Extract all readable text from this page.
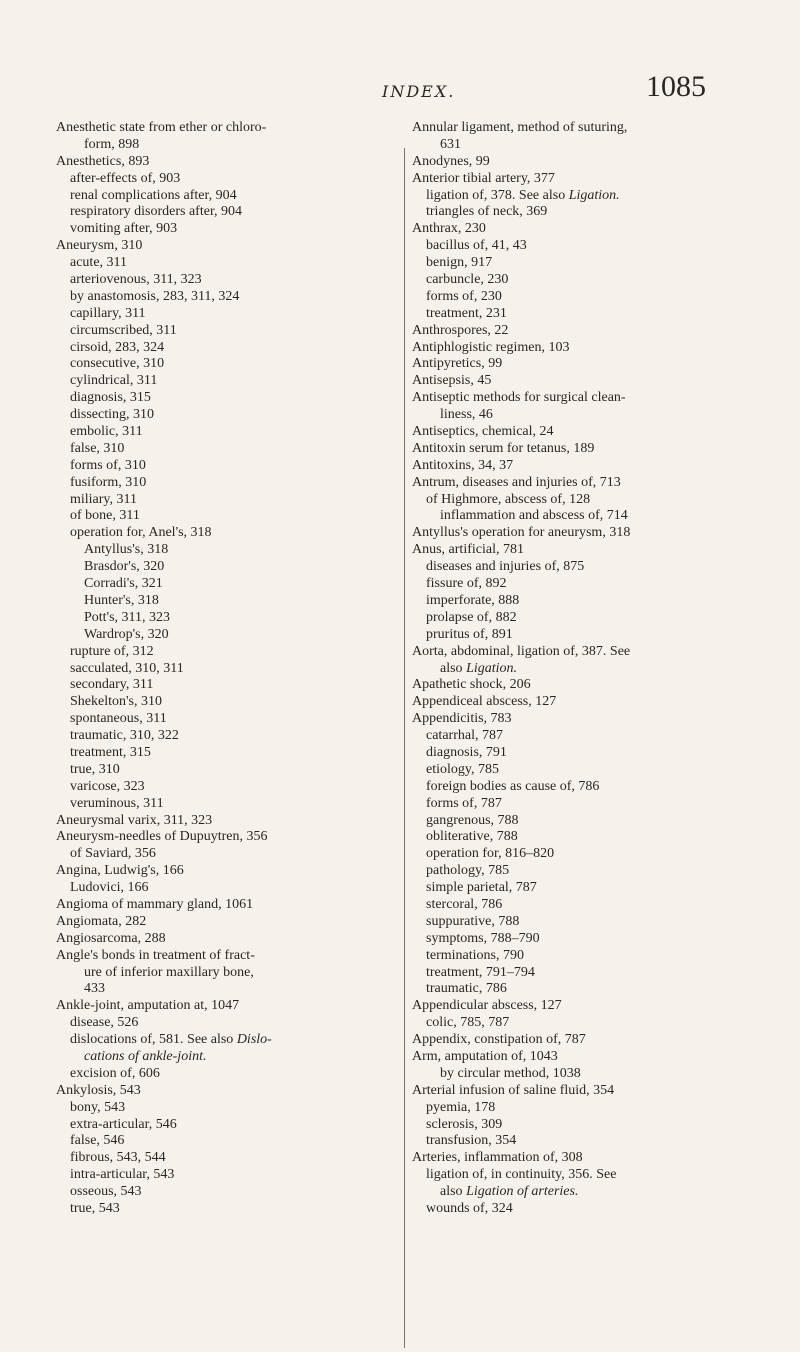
INDEX.	1085
Anesthetic state from ether or chloro-
form, 898
Anesthetics, 893
after-effects of, 903
renal complications after, 904
respiratory disorders after, 904
vomiting after, 903
Aneurysm, 310
acute, 311
arteriovenous, 311, 323
by anastomosis, 283, 311, 324
capillary, 311
circumscribed, 311
cirsoid, 283, 324
consecutive, 310
cylindrical, 311
diagnosis, 315
dissecting, 310
embolic, 311
false, 310
forms of, 310
fusiform, 310
miliary, 311
of bone, 311
operation for, Anel's, 318
Antyllus's, 318
Brasdor's, 320
Corradi's, 321
Hunter's, 318
Pott's, 311, 323
Wardrop's, 320
rupture of, 312
sacculated, 310, 311
secondary, 311
Shekelton's, 310
spontaneous, 311
traumatic, 310, 322
treatment, 315
true, 310
varicose, 323
veruminous, 311
Aneurysmal varix, 311, 323
Aneurysm-needles of Dupuytren, 356
of Saviard, 356
Angina, Ludwig's, 166
Ludovici, 166
Angioma of mammary gland, 1061
Angiomata, 282
Angiosarcoma, 288
Angle's bonds in treatment of fract-
ure of inferior maxillary bone,
433
Ankle-joint, amputation at, 1047
disease, 526
dislocations of, 581. See also Dislo-
cations of ankle-joint.
excision of, 606
Ankylosis, 543
bony, 543
extra-articular, 546
false, 546
fibrous, 543, 544
intra-articular, 543
osseous, 543
true, 543
Annular ligament, method of suturing,
631
Anodynes, 99
Anterior tibial artery, 377
ligation of, 378. See also Ligation.
triangles of neck, 369
Anthrax, 230
bacillus of, 41, 43
benign, 917
carbuncle, 230
forms of, 230
treatment, 231
Anthrospores, 22
Antiphlogistic regimen, 103
Antipyretics, 99
Antisepsis, 45
Antiseptic methods for surgical clean-
liness, 46
Antiseptics, chemical, 24
Antitoxin serum for tetanus, 189
Antitoxins, 34, 37
Antrum, diseases and injuries of, 713
of Highmore, abscess of, 128
inflammation and abscess of, 714
Antyllus's operation for aneurysm, 318
Anus, artificial, 781
diseases and injuries of, 875
fissure of, 892
imperforate, 888
prolapse of, 882
pruritus of, 891
Aorta, abdominal, ligation of, 387. See
also Ligation.
Apathetic shock, 206
Appendiceal abscess, 127
Appendicitis, 783
catarrhal, 787
diagnosis, 791
etiology, 785
foreign bodies as cause of, 786
forms of, 787
gangrenous, 788
obliterative, 788
operation for, 816–820
pathology, 785
simple parietal, 787
stercoral, 786
suppurative, 788
symptoms, 788–790
terminations, 790
treatment, 791–794
traumatic, 786
Appendicular abscess, 127
colic, 785, 787
Appendix, constipation of, 787
Arm, amputation of, 1043
by circular method, 1038
Arterial infusion of saline fluid, 354
pyemia, 178
sclerosis, 309
transfusion, 354
Arteries, inflammation of, 308
ligation of, in continuity, 356. See
also Ligation of arteries.
wounds of, 324
